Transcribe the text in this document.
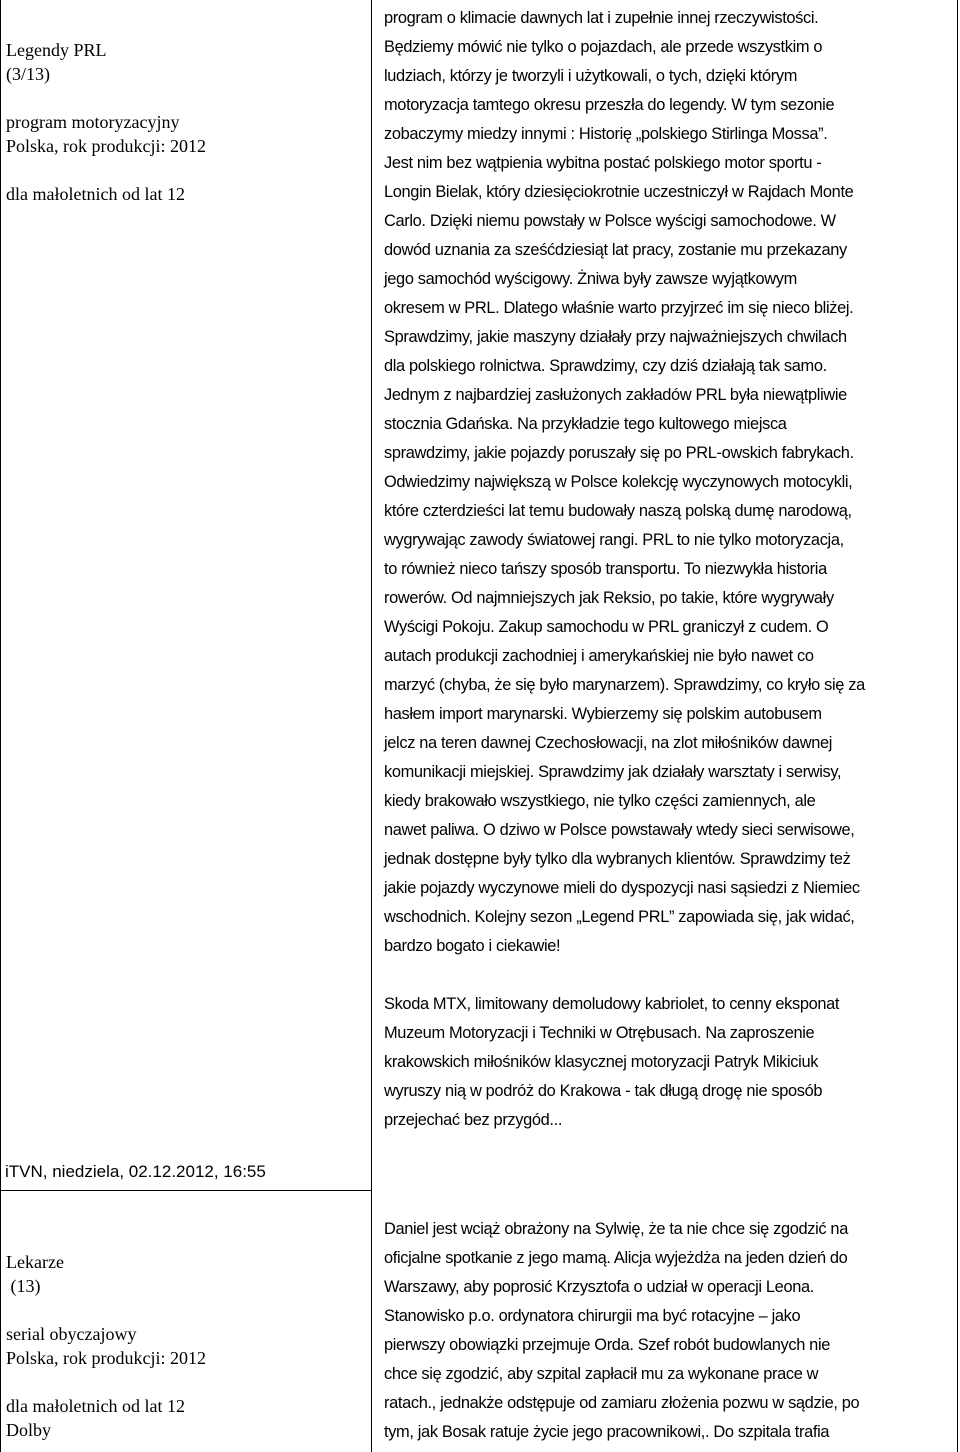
Legendy PRL
(3/13)
program motoryzacyjny
Polska, rok produkcji: 2012
dla małoletnich od lat 12
program o klimacie dawnych lat i zupełnie innej rzeczywistości.
Będziemy mówić nie tylko o pojazdach, ale przede wszystkim o
ludziach, którzy je tworzyli i użytkowali, o tych, dzięki którym
motoryzacja tamtego okresu przeszła do legendy. W tym sezonie
zobaczymy miedzy innymi : Historię „polskiego Stirlinga Mossa”.
Jest nim bez wątpienia wybitna postać polskiego motor sportu -
Longin Bielak, który dziesięciokrotnie uczestniczył w Rajdach Monte
Carlo. Dzięki niemu powstały w Polsce wyścigi samochodowe. W
dowód uznania za sześćdziesiąt lat pracy, zostanie mu przekazany
jego samochód wyścigowy. Żniwa były zawsze wyjątkowym
okresem w PRL. Dlatego właśnie warto przyjrzeć im się nieco bliżej.
Sprawdzimy, jakie maszyny działały przy najważniejszych chwilach
dla polskiego rolnictwa. Sprawdzimy, czy dziś działają tak samo.
Jednym z najbardziej zasłużonych zakładów PRL była niewątpliwie
stocznia Gdańska. Na przykładzie tego kultowego miejsca
sprawdzimy, jakie pojazdy poruszały się po PRL-owskich fabrykach.
Odwiedzimy największą w Polsce kolekcję wyczynowych motocykli,
które czterdzieści lat temu budowały naszą polską dumę narodową,
wygrywając zawody światowej rangi. PRL to nie tylko motoryzacja,
to również nieco tańszy sposób transportu. To niezwykła historia
rowerów. Od najmniejszych jak Reksio, po takie, które wygrywały
Wyścigi Pokoju. Zakup samochodu w PRL graniczył z cudem. O
autach produkcji zachodniej i amerykańskiej nie było nawet co
marzyć (chyba, że się było marynarzem). Sprawdzimy, co kryło się za
hasłem import marynarski. Wybierzemy się polskim autobusem
jelcz na teren dawnej Czechosłowacji, na zlot miłośników dawnej
komunikacji miejskiej. Sprawdzimy jak działały warsztaty i serwisy,
kiedy brakowało wszystkiego, nie tylko części zamiennych, ale
nawet paliwa. O dziwo w Polsce powstawały wtedy sieci serwisowe,
jednak dostępne były tylko dla wybranych klientów. Sprawdzimy też
jakie pojazdy wyczynowe mieli do dyspozycji nasi sąsiedzi z Niemiec
wschodnich. Kolejny sezon „Legend PRL” zapowiada się, jak widać,
bardzo bogato i ciekawie!
Skoda MTX, limitowany demoludowy kabriolet, to cenny eksponat
Muzeum Motoryzacji i Techniki w Otrębusach. Na zaproszenie
krakowskich miłośników klasycznej motoryzacji Patryk Mikiciuk
wyruszy nią w podróż do Krakowa - tak długą drogę nie sposób
przejechać bez przygód...
iTVN, niedziela, 02.12.2012, 16:55
Lekarze
(13)
serial obyczajowy
Polska, rok produkcji: 2012
dla małoletnich od lat 12
Dolby
Daniel jest wciąż obrażony na Sylwię, że ta nie chce się zgodzić na
oficjalne spotkanie z jego mamą. Alicja wyjeżdża na jeden dzień do
Warszawy, aby poprosić Krzysztofa o udział w operacji Leona.
Stanowisko p.o. ordynatora chirurgii ma być rotacyjne – jako
pierwszy obowiązki przejmuje Orda. Szef robót budowlanych nie
chce się zgodzić, aby szpital zapłacił mu za wykonane prace w
ratach., jednakże odstępuje od zamiaru złożenia pozwu w sądzie, po
tym, jak Bosak ratuje życie jego pracownikowi,. Do szpitala trafia
